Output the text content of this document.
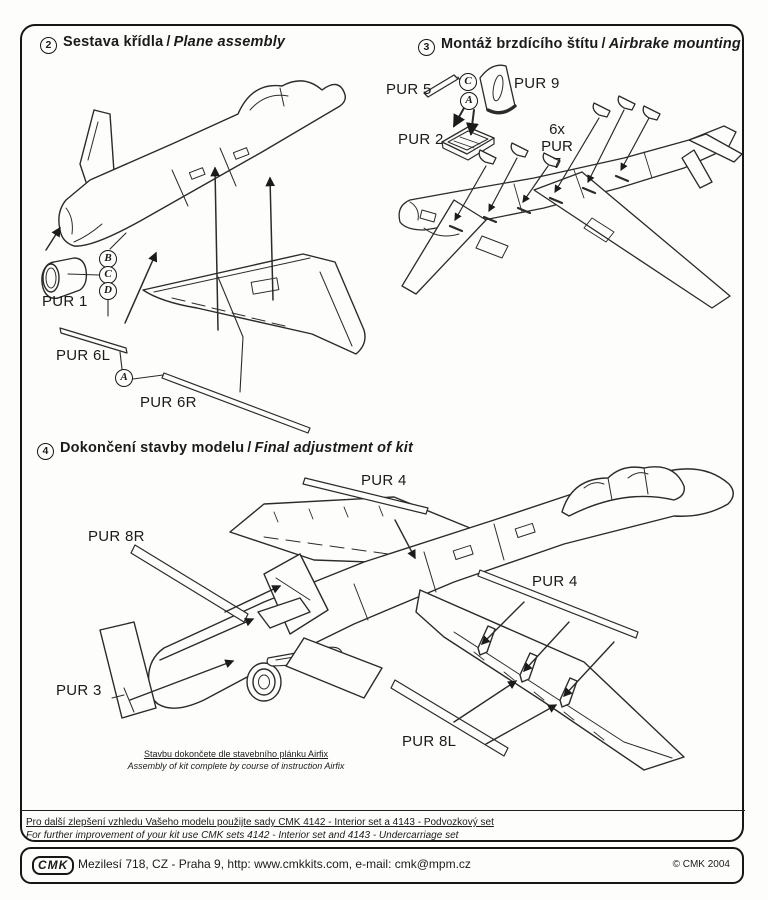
2 Sestava křídla / Plane assembly	3 Montáž brzdícího štítu / Airbrake mounting
4 Dokončení stavby modelu / Final adjustment of kit
PUR 1
B
C
D
PUR 6L
A
PUR 6R
PUR 5	C
A
PUR 9
PUR 2
6x
PUR 7
PUR 4
PUR 8R
PUR 4
PUR 3
PUR 8L
Stavbu dokončete dle stavebního plánku Airfix
Assembly of kit complete by course of instruction Airfix
Pro další zlepšení vzhledu Vašeho modelu použijte sady CMK 4142 - Interior set a 4143 - Podvozkový set
For further improvement of your kit use CMK sets 4142 - Interior set and 4143 - Undercarriage set
CMK Mezilesí 718, CZ - Praha 9, http: www.cmkkits.com, e-mail: cmk@mpm.cz	© CMK 2004
